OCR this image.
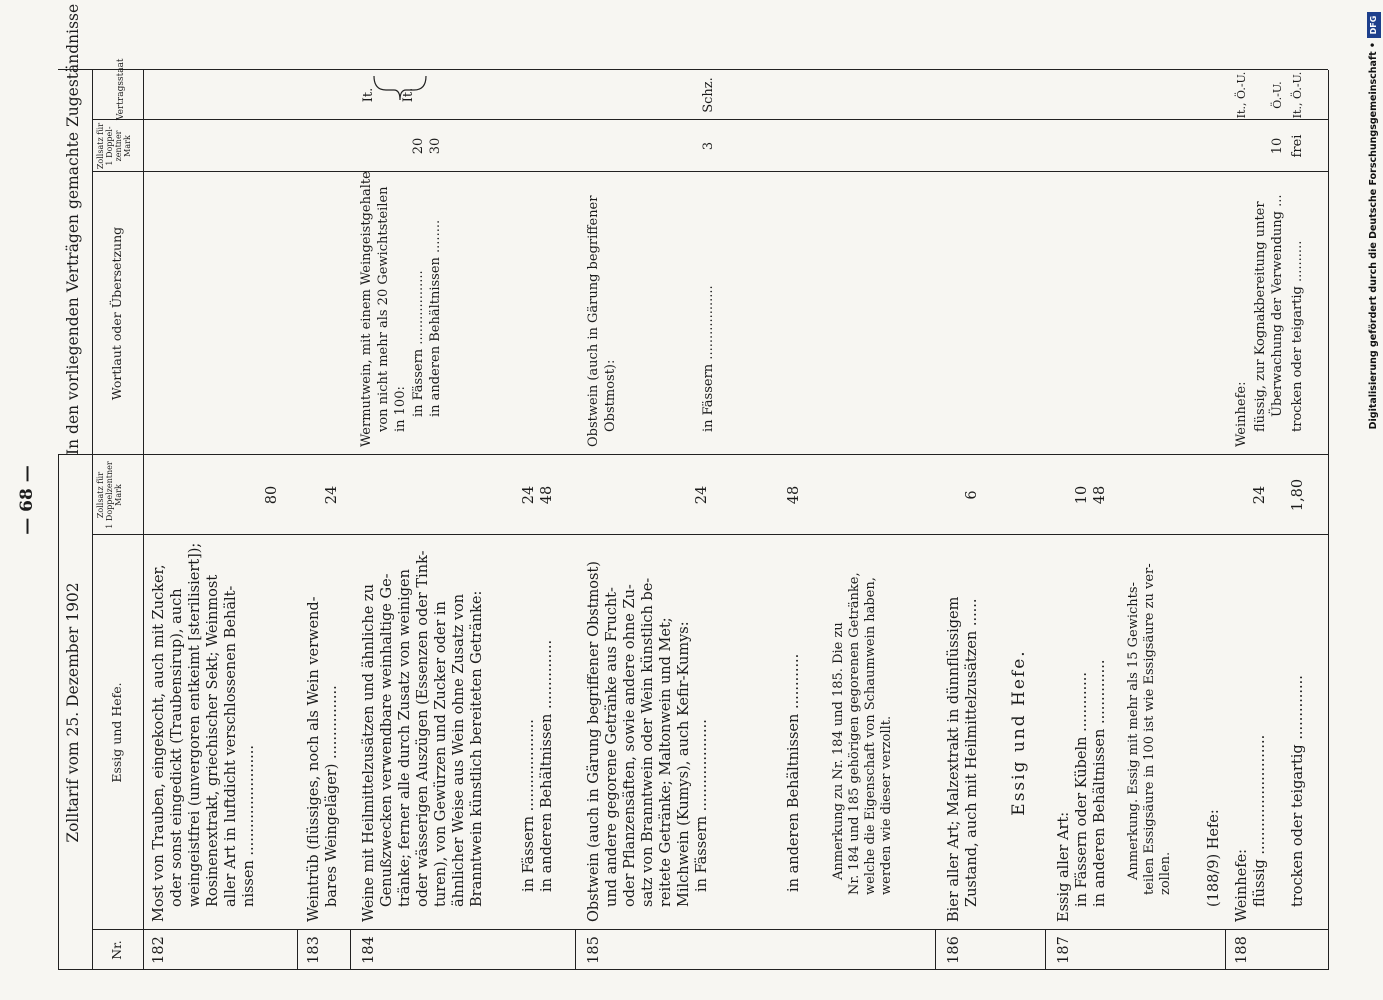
— 68 —
Zolltarif vom 25. Dezember 1902
In den vorliegenden Verträgen gemachte Zugeständnisse
Nr.
Essig und Hefe.
Zollsatz für 1 Doppelzentner Mark
Wortlaut oder Übersetzung
Zollsatz für 1 Doppel- zentner Mark
Vertragsstaat
182
Most von Trauben, eingekocht, auch mit Zucker, oder sonst eingedickt (Traubensirup), auch weingeistfrei (unvergoren entkeimt [sterilisiert]); Rosinenextrakt, griechischer Sekt; Weinmost aller Art in luftdicht verschlossenen Behält- nissen ........................
80
183
Weintrüb (flüssiges, noch als Wein verwend- bares Weingeläger) ................
24
184
Weine mit Heilmittelzusätzen und ähnliche zu Genußzwecken verwendbare weinhaltige Ge- tränke; ferner alle durch Zusatz von weinigen oder wässerigen Auszügen (Essenzen oder Tink- turen), von Gewürzen und Zucker oder in ähnlicher Weise aus Wein ohne Zusatz von Branntwein künstlich bereiteten Getränke: in Fässern .................... in anderen Behältnissen ...............
24 48
Wermutwein, mit einem Weingeistgehalte von nicht mehr als 20 Gewichtsteilen in 100: in Fässern .................. in anderen Behältnissen ........
20 30
It.
185
Obstwein (auch in Gärung begriffener Obstmost) und andere gegorene Getränke aus Frucht- oder Pflanzensäften, sowie andere ohne Zu- satz von Branntwein oder Wein künstlich be- reitete Getränke; Maltonwein und Met; Milchwein (Kumys), auch Kefir-Kumys: in Fässern ....................
24
in anderen Behältnissen ............
48
Anmerkung zu Nr. 184 und 185. Die zu Nr. 184 und 185 gehörigen gegorenen Getränke, welche die Eigenschaft von Schaumwein haben, werden wie dieser verzollt.
Obstwein (auch in Gärung begriffener Obstmost):	in Fässern ..................
3
Schz.
186
Bier aller Art; Malzextrakt in dünnflüssigem Zustand, auch mit Heilmittelzusätzen ......
6
Essig und Hefe.
187
Essig aller Art: in Fässern oder Kübeln ............. in anderen Behältnissen ..............
10 48
Anmerkung. Essig mit mehr als 15 Gewichts- teilen Essigsäure in 100 ist wie Essigsäure zu ver- zollen. (188/9) Hefe:
188
Weinhefe: flüssig .......................... trocken oder teigartig ..............
24 1,80
Weinhefe: flüssig, zur Kognakbereitung unter Überwachung der Verwendung ... trocken oder teigartig ..........
10 frei
It., Ö.-U. Ö.-U. It., Ö.-U.
It.	Digitalisierung gefördert durch die Deutsche Forschungsgemeinschaft •
DFG
